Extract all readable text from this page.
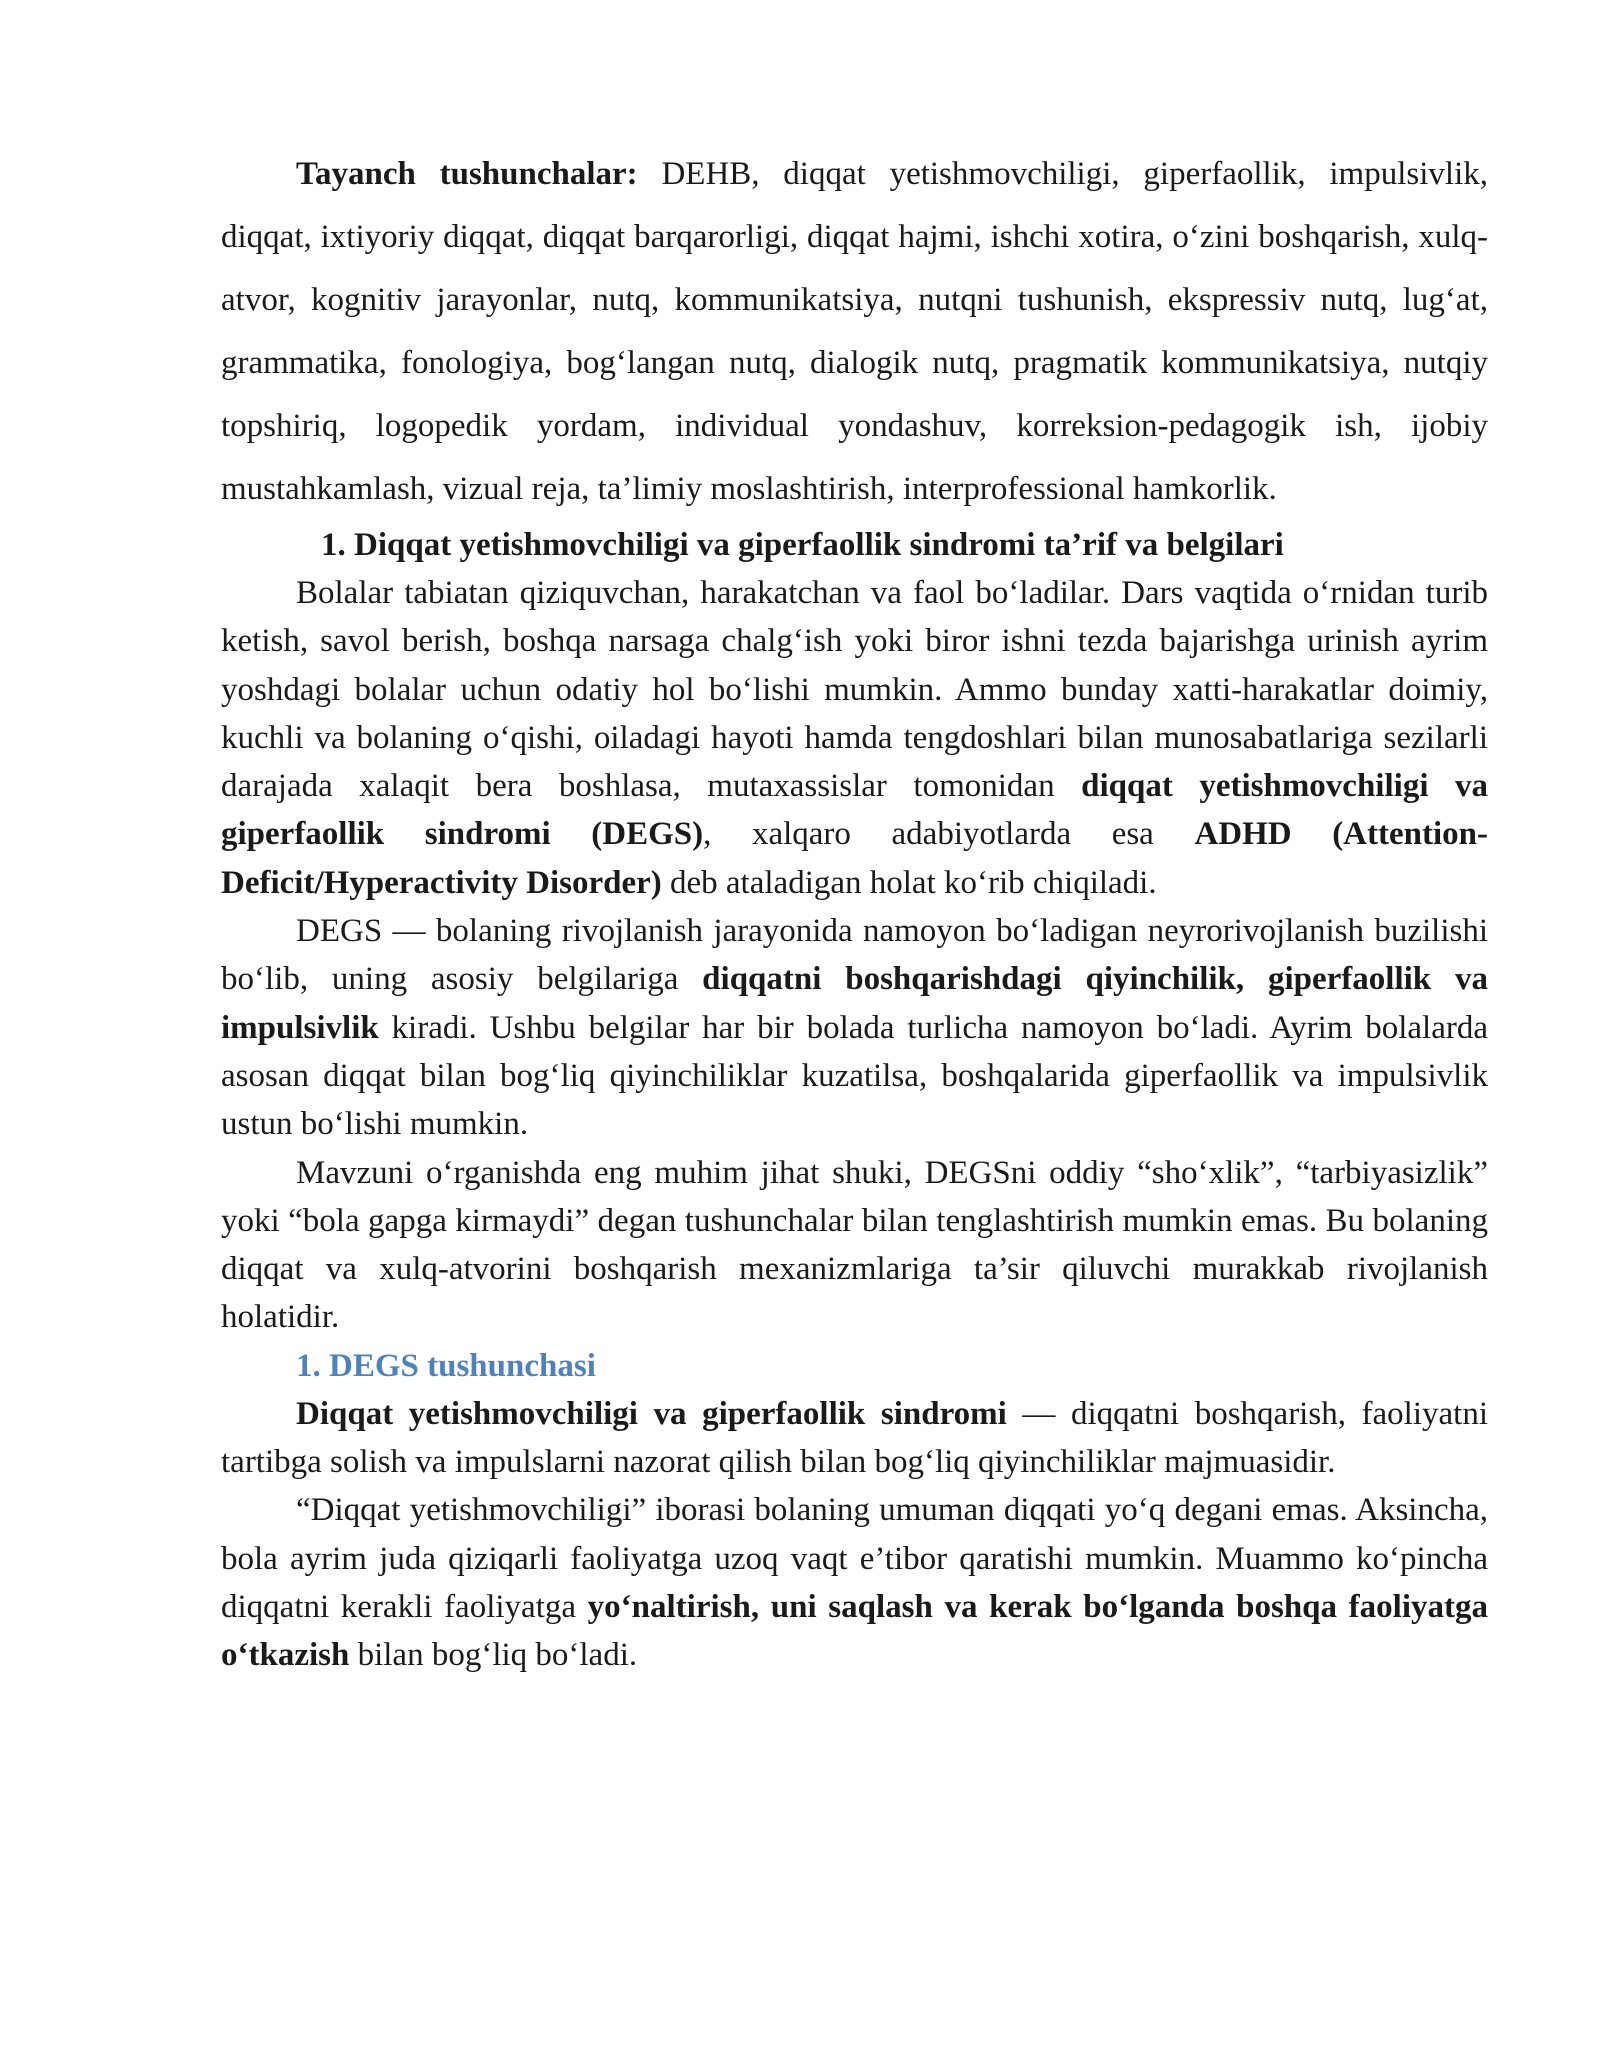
Tayanch tushunchalar: DEHB, diqqat yetishmovchiligi, giperfaollik, impulsivlik, diqqat, ixtiyoriy diqqat, diqqat barqarorligi, diqqat hajmi, ishchi xotira, o‘zini boshqarish, xulq-atvor, kognitiv jarayonlar, nutq, kommunikatsiya, nutqni tushunish, ekspressiv nutq, lug‘at, grammatika, fonologiya, bog‘langan nutq, dialogik nutq, pragmatik kommunikatsiya, nutqiy topshiriq, logopedik yordam, individual yondashuv, korreksion-pedagogik ish, ijobiy mustahkamlash, vizual reja, ta’limiy moslashtirish, interprofessional hamkorlik.

1. Diqqat yetishmovchiligi va giperfaollik sindromi ta’rif va belgilari

Bolalar tabiatan qiziquvchan, harakatchan va faol bo‘ladilar. Dars vaqtida o‘rnidan turib ketish, savol berish, boshqa narsaga chalg‘ish yoki biror ishni tezda bajarishga urinish ayrim yoshdagi bolalar uchun odatiy hol bo‘lishi mumkin. Ammo bunday xatti-harakatlar doimiy, kuchli va bolaning o‘qishi, oiladagi hayoti hamda tengdoshlari bilan munosabatlariga sezilarli darajada xalaqit bera boshlasa, mutaxassislar tomonidan diqqat yetishmovchiligi va giperfaollik sindromi (DEGS), xalqaro adabiyotlarda esa ADHD (Attention-Deficit/Hyperactivity Disorder) deb ataladigan holat ko‘rib chiqiladi.

DEGS — bolaning rivojlanish jarayonida namoyon bo‘ladigan neyrorivojlanish buzilishi bo‘lib, uning asosiy belgilariga diqqatni boshqarishdagi qiyinchilik, giperfaollik va impulsivlik kiradi. Ushbu belgilar har bir bolada turlicha namoyon bo‘ladi. Ayrim bolalarda asosan diqqat bilan bog‘liq qiyinchiliklar kuzatilsa, boshqalarida giperfaollik va impulsivlik ustun bo‘lishi mumkin.

Mavzuni o‘rganishda eng muhim jihat shuki, DEGSni oddiy “sho‘xlik”, “tarbiyasizlik” yoki “bola gapga kirmaydi” degan tushunchalar bilan tenglashtirish mumkin emas. Bu bolaning diqqat va xulq-atvorini boshqarish mexanizmlariga ta’sir qiluvchi murakkab rivojlanish holatidir.

1. DEGS tushunchasi

Diqqat yetishmovchiligi va giperfaollik sindromi — diqqatni boshqarish, faoliyatni tartibga solish va impulslarni nazorat qilish bilan bog‘liq qiyinchiliklar majmuasidir.

“Diqqat yetishmovchiligi” iborasi bolaning umuman diqqati yo‘q degani emas. Aksincha, bola ayrim juda qiziqarli faoliyatga uzoq vaqt e’tibor qaratishi mumkin. Muammo ko‘pincha diqqatni kerakli faoliyatga yo‘naltirish, uni saqlash va kerak bo‘lganda boshqa faoliyatga o‘tkazish bilan bog‘liq bo‘ladi.
